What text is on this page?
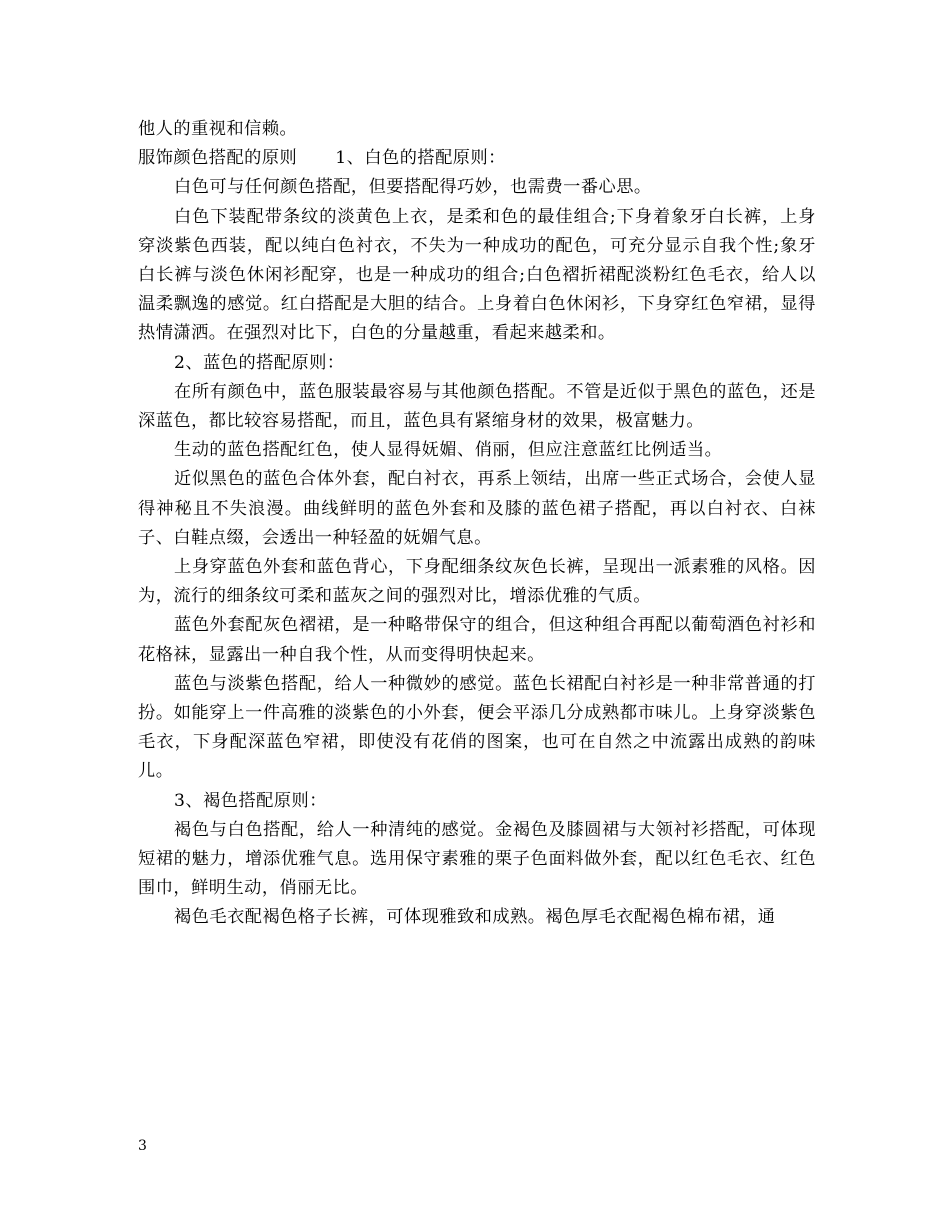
他人的重视和信赖。

服饰颜色搭配的原则 1、白色的搭配原则：

白色可与任何颜色搭配，但要搭配得巧妙，也需费一番心思。

白色下装配带条纹的淡黄色上衣，是柔和色的最佳组合;下身着象牙白长裤，上身穿淡紫色西装，配以纯白色衬衣，不失为一种成功的配色，可充分显示自我个性;象牙白长裤与淡色休闲衫配穿，也是一种成功的组合;白色褶折裙配淡粉红色毛衣，给人以温柔飘逸的感觉。红白搭配是大胆的结合。上身着白色休闲衫，下身穿红色窄裙，显得热情潇洒。在强烈对比下，白色的分量越重，看起来越柔和。

2、蓝色的搭配原则：

在所有颜色中，蓝色服装最容易与其他颜色搭配。不管是近似于黑色的蓝色，还是深蓝色，都比较容易搭配，而且，蓝色具有紧缩身材的效果，极富魅力。

生动的蓝色搭配红色，使人显得妩媚、俏丽，但应注意蓝红比例适当。

近似黑色的蓝色合体外套，配白衬衣，再系上领结，出席一些正式场合，会使人显得神秘且不失浪漫。曲线鲜明的蓝色外套和及膝的蓝色裙子搭配，再以白衬衣、白袜子、白鞋点缀，会透出一种轻盈的妩媚气息。

上身穿蓝色外套和蓝色背心，下身配细条纹灰色长裤，呈现出一派素雅的风格。因为，流行的细条纹可柔和蓝灰之间的强烈对比，增添优雅的气质。

蓝色外套配灰色褶裙，是一种略带保守的组合，但这种组合再配以葡萄酒色衬衫和花格袜，显露出一种自我个性，从而变得明快起来。

蓝色与淡紫色搭配，给人一种微妙的感觉。蓝色长裙配白衬衫是一种非常普通的打扮。如能穿上一件高雅的淡紫色的小外套，便会平添几分成熟都市味儿。上身穿淡紫色毛衣，下身配深蓝色窄裙，即使没有花俏的图案，也可在自然之中流露出成熟的韵味儿。

3、褐色搭配原则：

褐色与白色搭配，给人一种清纯的感觉。金褐色及膝圆裙与大领衬衫搭配，可体现短裙的魅力，增添优雅气息。选用保守素雅的栗子色面料做外套，配以红色毛衣、红色围巾，鲜明生动，俏丽无比。

褐色毛衣配褐色格子长裤，可体现雅致和成熟。褐色厚毛衣配褐色棉布裙，通

3
